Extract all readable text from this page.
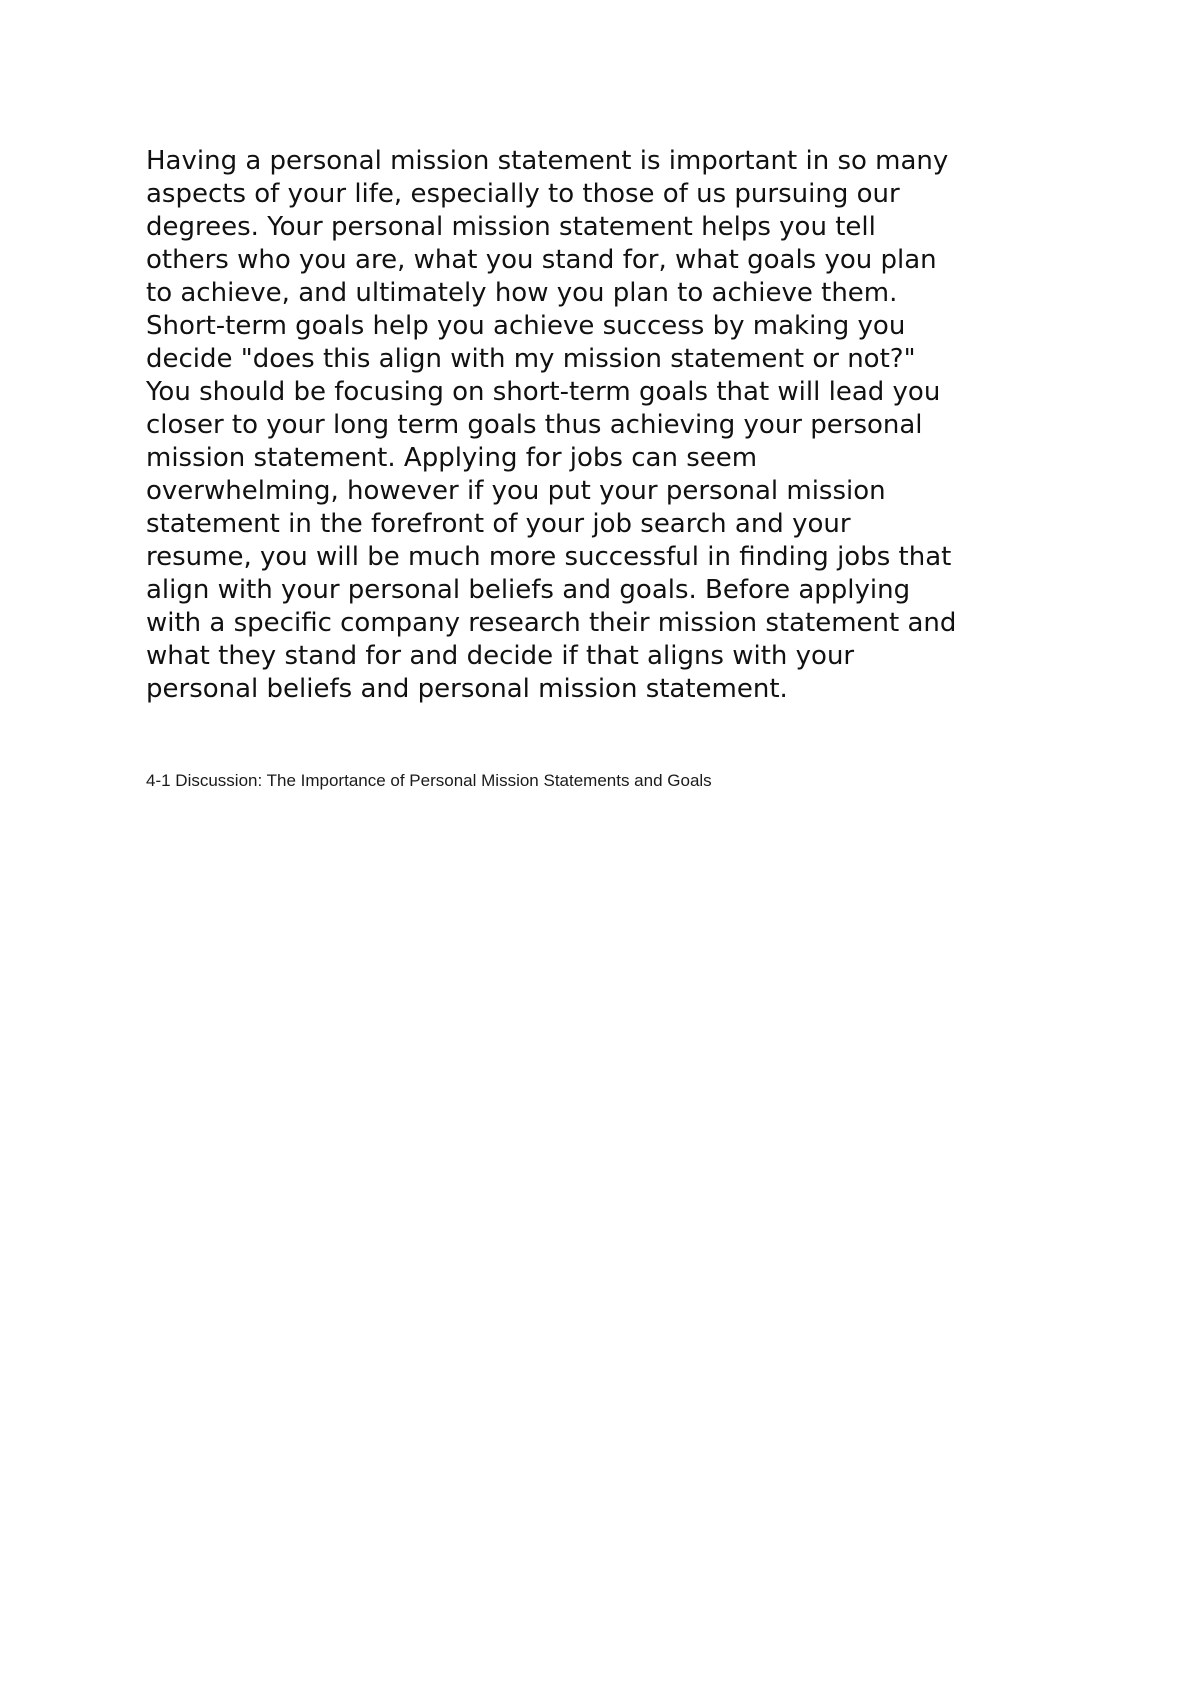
Having a personal mission statement is important in so many
aspects of your life, especially to those of us pursuing our
degrees. Your personal mission statement helps you tell
others who you are, what you stand for, what goals you plan
to achieve, and ultimately how you plan to achieve them.
Short-term goals help you achieve success by making you
decide "does this align with my mission statement or not?"
You should be focusing on short-term goals that will lead you
closer to your long term goals thus achieving your personal
mission statement. Applying for jobs can seem
overwhelming, however if you put your personal mission
statement in the forefront of your job search and your
resume, you will be much more successful in finding jobs that
align with your personal beliefs and goals. Before applying
with a specific company research their mission statement and
what they stand for and decide if that aligns with your
personal beliefs and personal mission statement.

4-1 Discussion: The Importance of Personal Mission Statements and Goals
